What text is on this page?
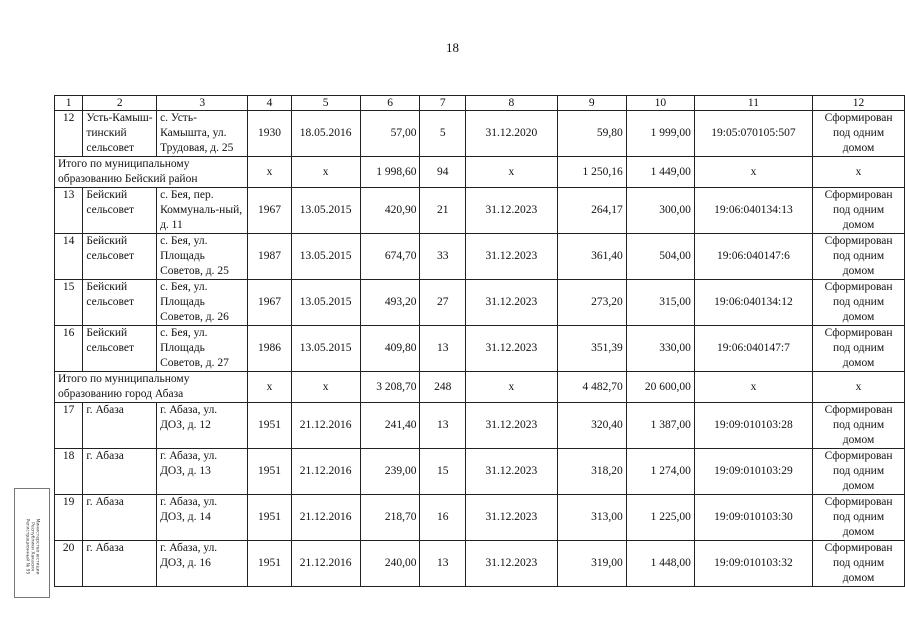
18
1	2	3	4	5	6	7	8	9	10	11	12
12	Усть-Камыш-тинский сельсовет	с. Усть-Камышта, ул. Трудовая, д. 25	1930	18.05.2016	57,00	5	31.12.2020	59,80	1 999,00	19:05:070105:507	Сформирован под одним домом
Итого по муниципальному образованию Бейский район			x	x	1 998,60	94	x	1 250,16	1 449,00	x	x
13	Бейский сельсовет	с. Бея, пер. Коммуналь-ный, д. 11	1967	13.05.2015	420,90	21	31.12.2023	264,17	300,00	19:06:040134:13	Сформирован под одним домом
14	Бейский сельсовет	с. Бея, ул. Площадь Советов, д. 25	1987	13.05.2015	674,70	33	31.12.2023	361,40	504,00	19:06:040147:6	Сформирован под одним домом
15	Бейский сельсовет	с. Бея, ул. Площадь Советов, д. 26	1967	13.05.2015	493,20	27	31.12.2023	273,20	315,00	19:06:040134:12	Сформирован под одним домом
16	Бейский сельсовет	с. Бея, ул. Площадь Советов, д. 27	1986	13.05.2015	409,80	13	31.12.2023	351,39	330,00	19:06:040147:7	Сформирован под одним домом
Итого по муниципальному образованию город Абаза			x	x	3 208,70	248	x	4 482,70	20 600,00	x	x
17	г. Абаза	г. Абаза, ул. ДОЗ, д. 12	1951	21.12.2016	241,40	13	31.12.2023	320,40	1 387,00	19:09:010103:28	Сформирован под одним домом
18	г. Абаза	г. Абаза, ул. ДОЗ, д. 13	1951	21.12.2016	239,00	15	31.12.2023	318,20	1 274,00	19:09:010103:29	Сформирован под одним домом
19	г. Абаза	г. Абаза, ул. ДОЗ, д. 14	1951	21.12.2016	218,70	16	31.12.2023	313,00	1 225,00	19:09:010103:30	Сформирован под одним домом
20	г. Абаза	г. Абаза, ул. ДОЗ, д. 16	1951	21.12.2016	240,00	13	31.12.2023	319,00	1 448,00	19:09:010103:32	Сформирован под одним домом
Министерство юстиции
Республики Хакасия
Регистрационный № 95
